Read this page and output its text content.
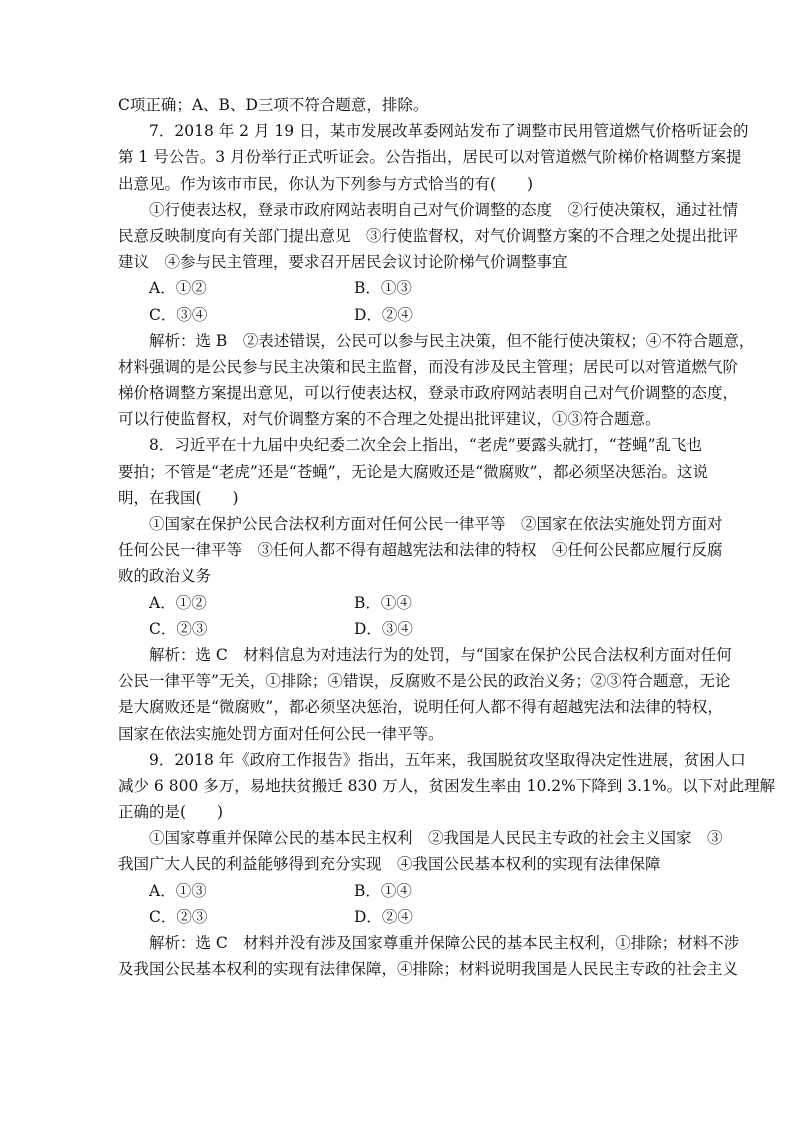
C项正确；A、B、D三项不符合题意，排除。
7．2018 年 2 月 19 日，某市发展改革委网站发布了调整市民用管道燃气价格听证会的
第 1 号公告。3 月份举行正式听证会。公告指出，居民可以对管道燃气阶梯价格调整方案提
出意见。作为该市市民，你认为下列参与方式恰当的有(　　)
①行使表达权，登录市政府网站表明自己对气价调整的态度　②行使决策权，通过社情
民意反映制度向有关部门提出意见　③行使监督权，对气价调整方案的不合理之处提出批评
建议　④参与民主管理，要求召开居民会议讨论阶梯气价调整事宜
A．①②	B．①③
C．③④	D．②④
解析：选 B　②表述错误，公民可以参与民主决策，但不能行使决策权；④不符合题意，
材料强调的是公民参与民主决策和民主监督，而没有涉及民主管理；居民可以对管道燃气阶
梯价格调整方案提出意见，可以行使表达权，登录市政府网站表明自己对气价调整的态度，
可以行使监督权，对气价调整方案的不合理之处提出批评建议，①③符合题意。
8．习近平在十九届中央纪委二次全会上指出，“老虎”要露头就打，“苍蝇”乱飞也
要拍；不管是“老虎”还是“苍蝇”，无论是大腐败还是“微腐败”，都必须坚决惩治。这说
明，在我国(　　)
①国家在保护公民合法权利方面对任何公民一律平等　②国家在依法实施处罚方面对
任何公民一律平等　③任何人都不得有超越宪法和法律的特权　④任何公民都应履行反腐
败的政治义务
A．①②	B．①④
C．②③	D．③④
解析：选 C　材料信息为对违法行为的处罚，与“国家在保护公民合法权利方面对任何
公民一律平等”无关，①排除；④错误，反腐败不是公民的政治义务；②③符合题意，无论
是大腐败还是“微腐败”，都必须坚决惩治，说明任何人都不得有超越宪法和法律的特权，
国家在依法实施处罚方面对任何公民一律平等。
9．2018 年《政府工作报告》指出，五年来，我国脱贫攻坚取得决定性进展，贫困人口
减少 6 800 多万，易地扶贫搬迁 830 万人，贫困发生率由 10.2%下降到 3.1%。以下对此理解
正确的是(　　)
①国家尊重并保障公民的基本民主权利　②我国是人民民主专政的社会主义国家　③
我国广大人民的利益能够得到充分实现　④我国公民基本权利的实现有法律保障
A．①③	B．①④
C．②③	D．②④
解析：选 C　材料并没有涉及国家尊重并保障公民的基本民主权利，①排除；材料不涉
及我国公民基本权利的实现有法律保障，④排除；材料说明我国是人民民主专政的社会主义
